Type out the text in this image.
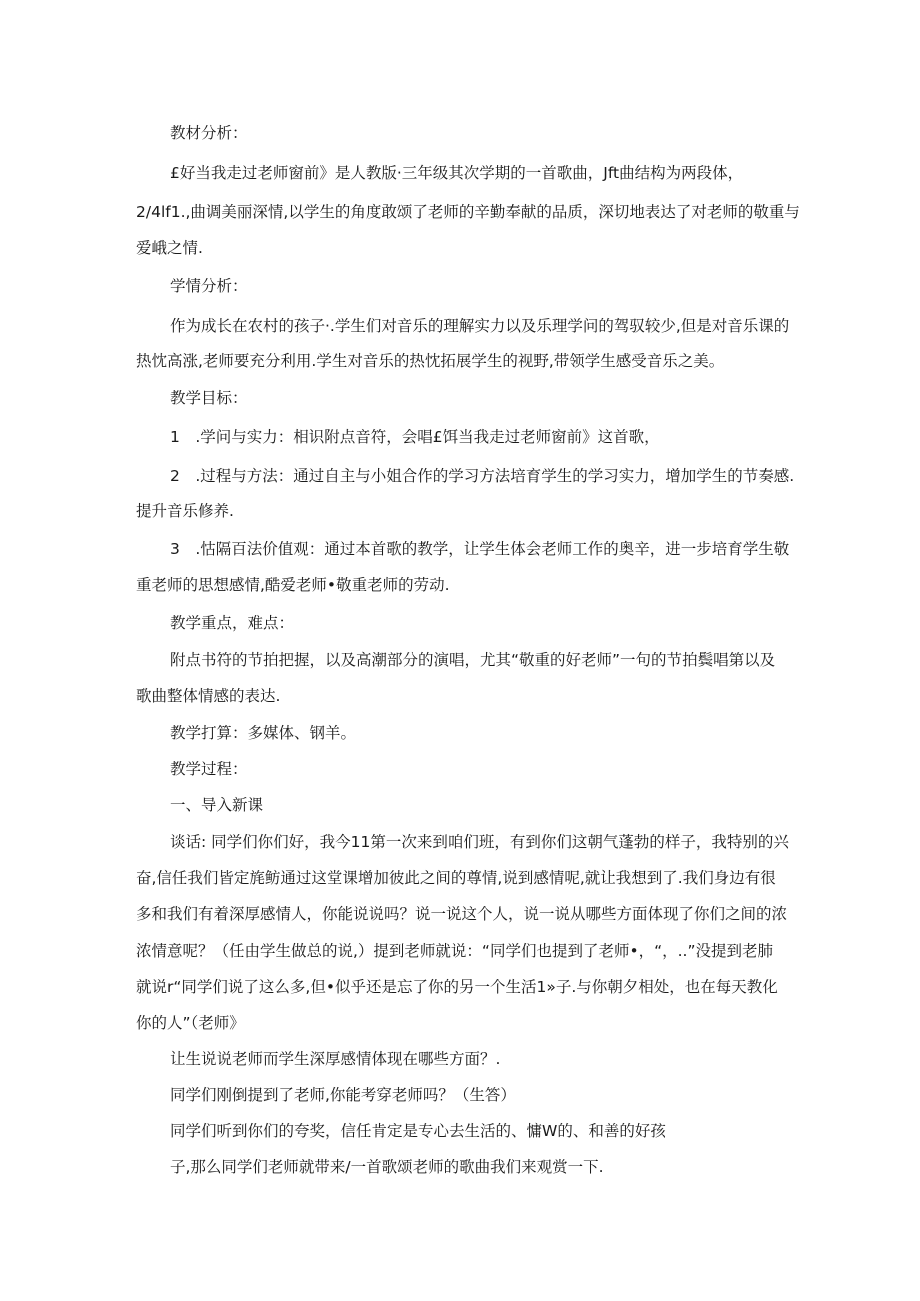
教材分析：
£好当我走过老师窗前》是人教版·三年级其次学期的一首歌曲，Jft曲结构为两段体，
2/4lf1.,曲调美丽深情,以学生的角度敢颂了老师的辛勤奉献的品质，深切地表达了对老师的敬重与
爱峨之情.
学情分析：
作为成长在农村的孩子·.学生们对音乐的理解实力以及乐理学问的驾驭较少,但是对音乐课的
热忱高涨,老师要充分利用.学生对音乐的热忱拓展学生的视野,带领学生感受音乐之美。
教学目标：
1　.学问与实力：相识附点音符，会唱£饵当我走过老师窗前》这首歌，
2　.过程与方法：通过自主与小姐合作的学习方法培育学生的学习实力，增加学生的节奏感.
提升音乐修养.
3　.怙隔百法价值观：通过本首歌的教学，让学生体会老师工作的奥辛，进一步培育学生敬
重老师的思想感情,酷爱老师•敬重老师的劳动.
教学重点，难点：
附点书符的节拍把握，以及高潮部分的演唱，尤其“敬重的好老师”一句的节拍鬓唱第以及
歌曲整体情感的表达.
教学打算：多媒体、钢羊。
教学过程：
一、导入新课
谈话: 同学们你们好，我今11第一次来到咱们班，有到你们这朝气蓬勃的样子，我特别的兴
奋,信任我们皆定旄鲂通过这堂课增加彼此之间的尊情,说到感情呢,就让我想到了.我们身边有很
多和我们有着深厚感情人，你能说说吗？说一说这个人，说一说从哪些方面体现了你们之间的浓
浓情意呢？（任由学生做总的说,）提到老师就说：“同学们也提到了老师•，“，..”没提到老肺
就说r“同学们说了这么多,但•似乎还是忘了你的另一个生活1»子.与你朝夕相处，也在每天教化
你的人”（老师》
让生说说老师而学生深厚感情体现在哪些方面？.
同学们刚倒提到了老师,你能考穿老师吗？（生答）
同学们听到你们的夸奖，信任肯定是专心去生活的、慵W的、和善的好孩
子,那么同学们老师就带来/一首歌颂老师的歌曲我们来观赏一下.
